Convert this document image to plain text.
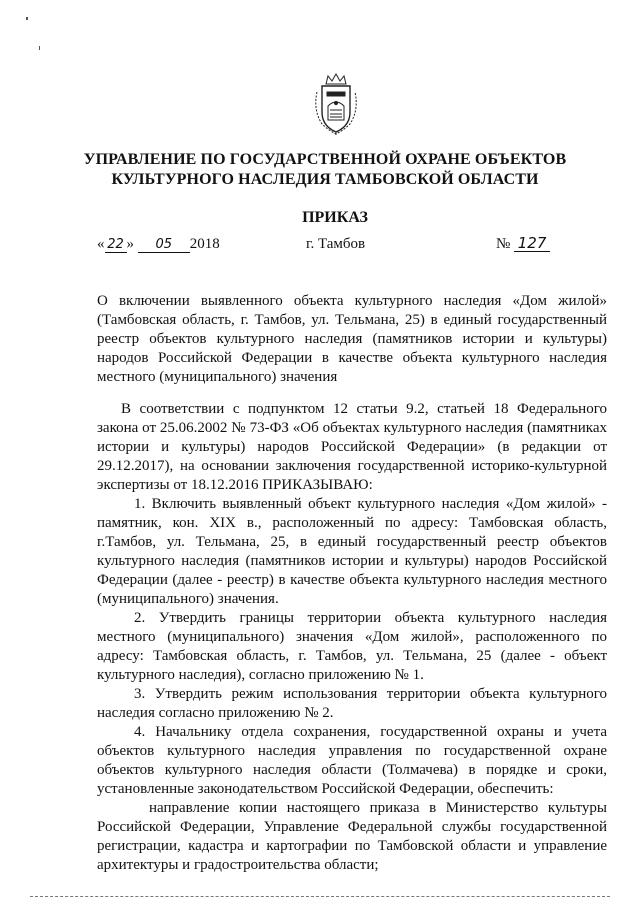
УПРАВЛЕНИЕ ПО ГОСУДАРСТВЕННОЙ ОХРАНЕ ОБЪЕКТОВ
КУЛЬТУРНОГО НАСЛЕДИЯ ТАМБОВСКОЙ ОБЛАСТИ
ПРИКАЗ
« 22 » 05 2018	г. Тамбов	№ 127
О включении выявленного объекта культурного наследия «Дом жилой» (Тамбовская область, г. Тамбов, ул. Тельмана, 25) в единый государственный реестр объектов культурного наследия (памятников истории и культуры) народов Российской Федерации в качестве объекта культурного наследия местного (муниципального) значения

В соответствии с подпунктом 12 статьи 9.2, статьей 18 Федерального закона от 25.06.2002 № 73-ФЗ «Об объектах культурного наследия (памятниках истории и культуры) народов Российской Федерации» (в редакции от 29.12.2017), на основании заключения государственной историко-культурной экспертизы от 18.12.2016 ПРИКАЗЫВАЮ:

1. Включить выявленный объект культурного наследия «Дом жилой» - памятник, кон. XIX в., расположенный по адресу: Тамбовская область, г.Тамбов, ул. Тельмана, 25, в единый государственный реестр объектов культурного наследия (памятников истории и культуры) народов Российской Федерации (далее - реестр) в качестве объекта культурного наследия местного (муниципального) значения.

2. Утвердить границы территории объекта культурного наследия местного (муниципального) значения «Дом жилой», расположенного по адресу: Тамбовская область, г. Тамбов, ул. Тельмана, 25 (далее - объект культурного наследия), согласно приложению № 1.

3. Утвердить режим использования территории объекта культурного наследия согласно приложению № 2.

4. Начальнику отдела сохранения, государственной охраны и учета объектов культурного наследия управления по государственной охране объектов культурного наследия области (Толмачева) в порядке и сроки, установленные законодательством Российской Федерации, обеспечить:

направление копии настоящего приказа в Министерство культуры Российской Федерации, Управление Федеральной службы государственной регистрации, кадастра и картографии по Тамбовской области и управление архитектуры и градостроительства области;
